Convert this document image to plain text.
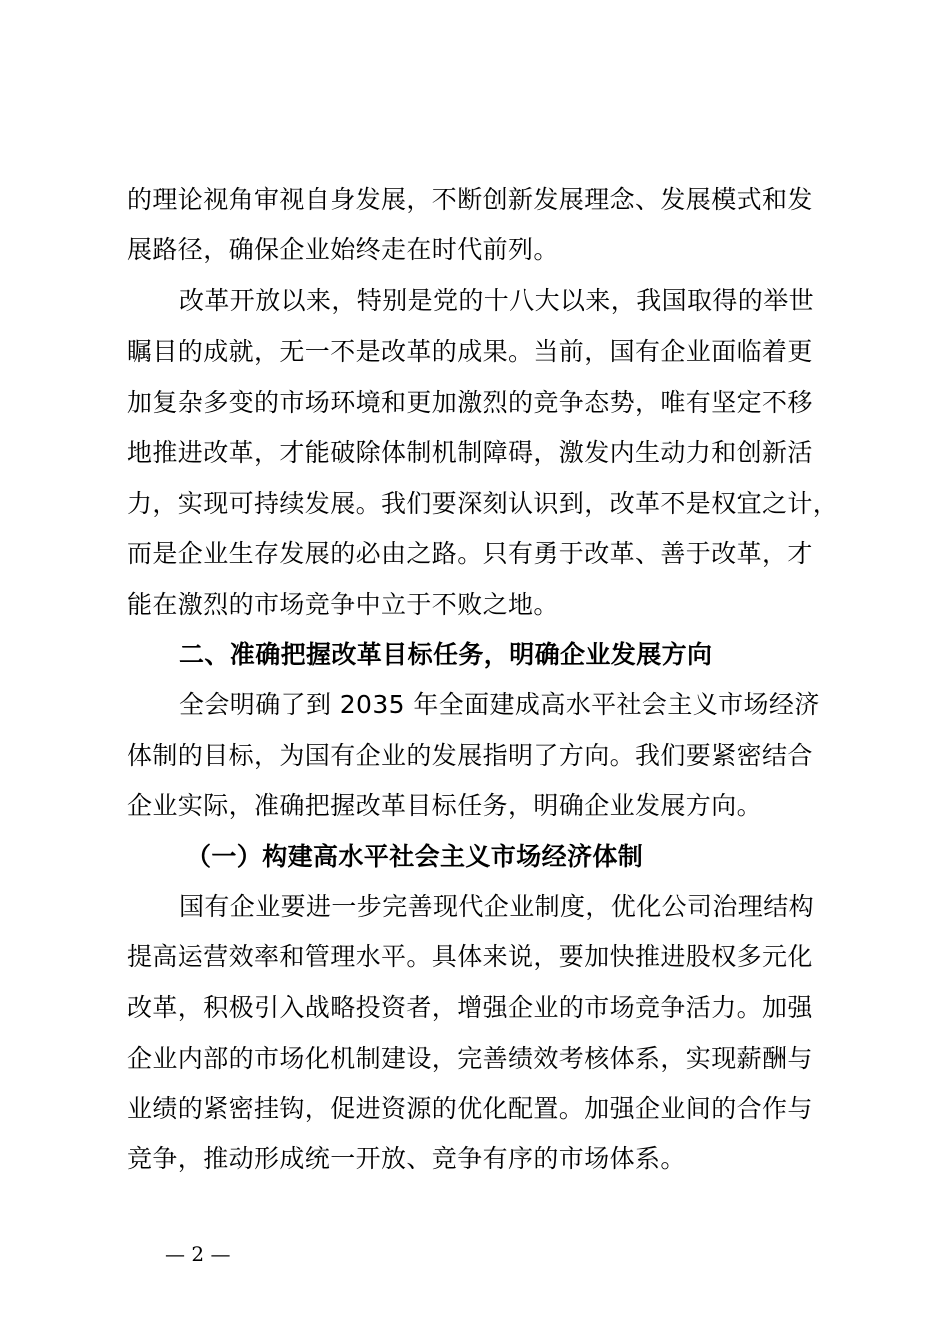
的理论视角审视自身发展，不断创新发展理念、发展模式和发
展路径，确保企业始终走在时代前列。
改革开放以来，特别是党的十八大以来，我国取得的举世
瞩目的成就，无一不是改革的成果。当前，国有企业面临着更
加复杂多变的市场环境和更加激烈的竞争态势，唯有坚定不移
地推进改革，才能破除体制机制障碍，激发内生动力和创新活
力，实现可持续发展。我们要深刻认识到，改革不是权宜之计，
而是企业生存发展的必由之路。只有勇于改革、善于改革，才
能在激烈的市场竞争中立于不败之地。
二、准确把握改革目标任务，明确企业发展方向
全会明确了到 2035 年全面建成高水平社会主义市场经济
体制的目标，为国有企业的发展指明了方向。我们要紧密结合
企业实际，准确把握改革目标任务，明确企业发展方向。
（一）构建高水平社会主义市场经济体制
国有企业要进一步完善现代企业制度，优化公司治理结构
提高运营效率和管理水平。具体来说，要加快推进股权多元化
改革，积极引入战略投资者，增强企业的市场竞争活力。加强
企业内部的市场化机制建设，完善绩效考核体系，实现薪酬与
业绩的紧密挂钩，促进资源的优化配置。加强企业间的合作与
竞争，推动形成统一开放、竞争有序的市场体系。
— 2 —
